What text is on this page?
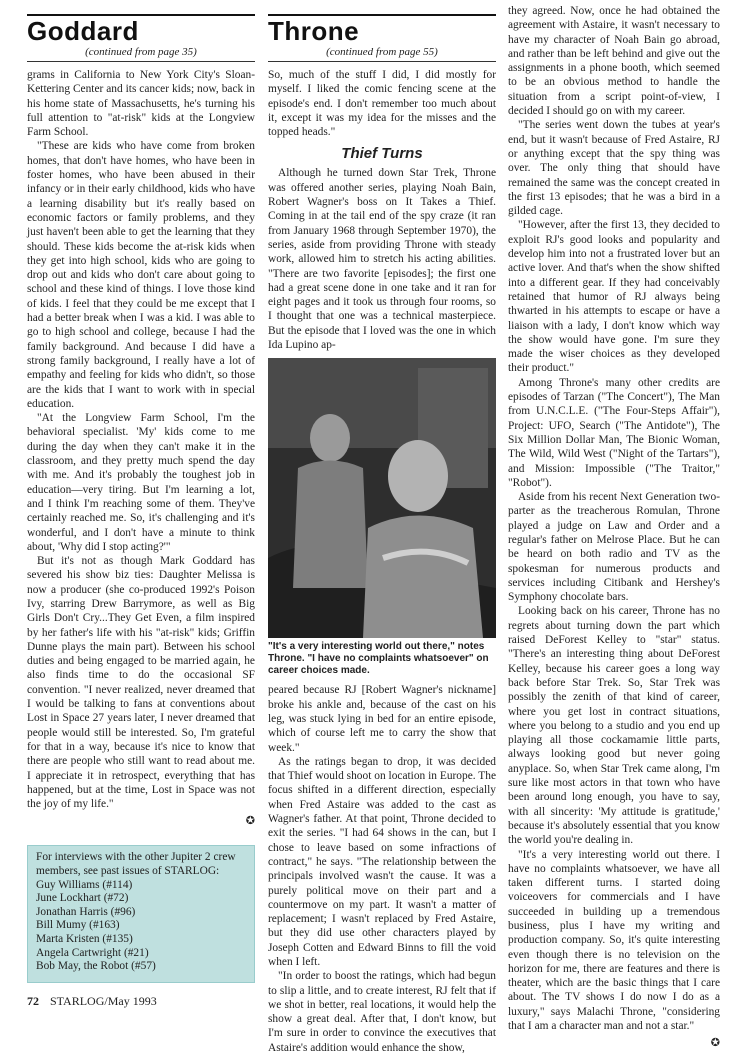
Goddard
(continued from page 35)

grams in California to New York City's Sloan-Kettering Center and its cancer kids; now, back in his home state of Massachusetts, he's turning his full attention to "at-risk" kids at the Longview Farm School.

"These are kids who have come from broken homes, that don't have homes, who have been in foster homes, who have been abused in their infancy or in their early childhood, kids who have a learning disability but it's really based on economic factors or family problems, and they just haven't been able to get the learning that they should. These kids become the at-risk kids when they get into high school, kids who are going to drop out and kids who don't care about going to school and these kind of things. I love those kind of kids. I feel that they could be me except that I had a better break when I was a kid. I was able to go to high school and college, because I had the family background. And because I did have a strong family background, I really have a lot of empathy and feeling for kids who didn't, so those are the kids that I want to work with in special education.

"At the Longview Farm School, I'm the behavioral specialist. 'My' kids come to me during the day when they can't make it in the classroom, and they pretty much spend the day with me. And it's probably the toughest job in education—very tiring. But I'm learning a lot, and I think I'm reaching some of them. They've certainly reached me. So, it's challenging and it's wonderful, and I don't have a minute to think about, 'Why did I stop acting?'"

But it's not as though Mark Goddard has severed his show biz ties: Daughter Melissa is now a producer (she co-produced 1992's Poison Ivy, starring Drew Barrymore, as well as Big Girls Don't Cry...They Get Even, a film inspired by her father's life with his "at-risk" kids; Griffin Dunne plays the main part). Between his school duties and being engaged to be married again, he also finds time to do the occasional SF convention. "I never realized, never dreamed that I would be talking to fans at conventions about Lost in Space 27 years later, I never dreamed that people would still be interested. So, I'm grateful for that in a way, because it's nice to know that there are people who still want to read about me. I appreciate it in retrospect, everything that has happened, but at the time, Lost in Space was not the joy of my life."

✪

For interviews with the other Jupiter 2 crew members, see past issues of STARLOG:

Guy Williams (#114)
June Lockhart (#72)
Jonathan Harris (#96)
Bill Mumy (#163)
Marta Kristen (#135)
Angela Cartwright (#21)
Bob May, the Robot (#57)
Throne
(continued from page 55)

So, much of the stuff I did, I did mostly for myself. I liked the comic fencing scene at the episode's end. I don't remember too much about it, except it was my idea for the misses and the topped heads."

Thief Turns

Although he turned down Star Trek, Throne was offered another series, playing Noah Bain, Robert Wagner's boss on It Takes a Thief. Coming in at the tail end of the spy craze (it ran from January 1968 through September 1970), the series, aside from providing Throne with steady work, allowed him to stretch his acting abilities. "There are two favorite [episodes]; the first one had a great scene done in one take and it ran for eight pages and it took us through four rooms, so I thought that one was a technical masterpiece. But the episode that I loved was the one in which Ida Lupino ap-

"It's a very interesting world out there," notes Throne. "I have no complaints whatsoever" on career choices made.

peared because RJ [Robert Wagner's nickname] broke his ankle and, because of the cast on his leg, was stuck lying in bed for an entire episode, which of course left me to carry the show that week."

As the ratings began to drop, it was decided that Thief would shoot on location in Europe. The focus shifted in a different direction, especially when Fred Astaire was added to the cast as Wagner's father. At that point, Throne decided to exit the series. "I had 64 shows in the can, but I chose to leave based on some infractions of contract," he says. "The relationship between the principals involved wasn't the cause. It was a purely political move on their part and a countermove on my part. It wasn't a matter of replacement; I wasn't replaced by Fred Astaire, but they did use other characters played by Joseph Cotten and Edward Binns to fill the void when I left.

"In order to boost the ratings, which had begun to slip a little, and to create interest, RJ felt that if we shot in better, real locations, it would help the show a great deal. After that, I don't know, but I'm sure in order to convince the executives that Astaire's addition would enhance the show,

they agreed. Now, once he had obtained the agreement with Astaire, it wasn't necessary to have my character of Noah Bain go abroad, and rather than be left behind and give out the assignments in a phone booth, which seemed to be an obvious method to handle the situation from a script point-of-view, I decided I should go on with my career.

"The series went down the tubes at year's end, but it wasn't because of Fred Astaire, RJ or anything except that the spy thing was over. The only thing that should have remained the same was the concept created in the first 13 episodes; that he was a bird in a gilded cage.

"However, after the first 13, they decided to exploit RJ's good looks and popularity and develop him into not a frustrated lover but an active lover. And that's when the show shifted into a different gear. If they had conceivably retained that humor of RJ always being thwarted in his attempts to escape or have a liaison with a lady, I don't know which way the show would have gone. I'm sure they made the wiser choices as they developed their product."

Among Throne's many other credits are episodes of Tarzan ("The Concert"), The Man from U.N.C.L.E. ("The Four-Steps Affair"), Project: UFO, Search ("The Antidote"), The Six Million Dollar Man, The Bionic Woman, The Wild, Wild West ("Night of the Tartars"), and Mission: Impossible ("The Traitor," "Robot").

Aside from his recent Next Generation two-parter as the treacherous Romulan, Throne played a judge on Law and Order and a regular's father on Melrose Place. But he can be heard on both radio and TV as the spokesman for numerous products and services including Citibank and Hershey's Symphony chocolate bars.

Looking back on his career, Throne has no regrets about turning down the part which raised DeForest Kelley to "star" status. "There's an interesting thing about DeForest Kelley, because his career goes a long way back before Star Trek. So, Star Trek was possibly the zenith of that kind of career, where you get lost in contract situations, where you belong to a studio and you end up playing all those cockamamie little parts, always looking good but never going anyplace. So, when Star Trek came along, I'm sure like most actors in that town who have been around long enough, you have to say, with all sincerity: 'My attitude is gratitude,' because it's absolutely essential that you know the world you're dealing in.

"It's a very interesting world out there. I have no complaints whatsoever, we have all taken different turns. I started doing voiceovers for commercials and I have succeeded in building up a tremendous business, plus I have my writing and production company. So, it's quite interesting even though there is no television on the horizon for me, there are features and there is theater, which are the basic things that I care about. The TV shows I do now I do as a luxury," says Malachi Throne, "considering that I am a character man and not a star."

✪
72 STARLOG/May 1993
